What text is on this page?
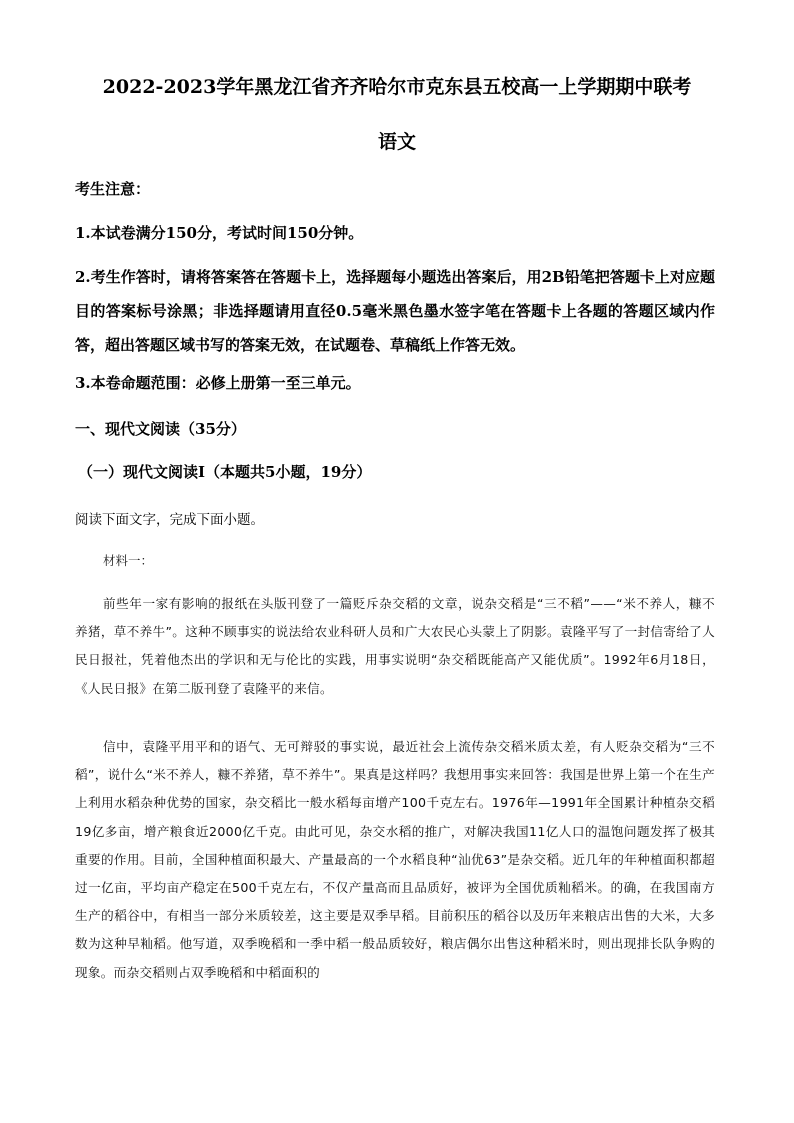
2022-2023学年黑龙江省齐齐哈尔市克东县五校高一上学期期中联考
语文
考生注意：
1.本试卷满分150分，考试时间150分钟。
2.考生作答时，请将答案答在答题卡上，选择题每小题选出答案后，用2B铅笔把答题卡上对应题目的答案标号涂黑；非选择题请用直径0.5毫米黑色墨水签字笔在答题卡上各题的答题区域内作答，超出答题区域书写的答案无效，在试题卷、草稿纸上作答无效。
3.本卷命题范围：必修上册第一至三单元。
一、现代文阅读（35分）
（一）现代文阅读Ⅰ（本题共5小题，19分）
阅读下面文字，完成下面小题。
材料一：
前些年一家有影响的报纸在头版刊登了一篇贬斥杂交稻的文章，说杂交稻是“三不稻”——“米不养人，糠不养猪，草不养牛”。这种不顾事实的说法给农业科研人员和广大农民心头蒙上了阴影。袁隆平写了一封信寄给了人民日报社，凭着他杰出的学识和无与伦比的实践，用事实说明“杂交稻既能高产又能优质”。1992年6月18日，《人民日报》在第二版刊登了袁隆平的来信。
信中，袁隆平用平和的语气、无可辩驳的事实说，最近社会上流传杂交稻米质太差，有人贬杂交稻为“三不稻”，说什么“米不养人，糠不养猪，草不养牛”。果真是这样吗？我想用事实来回答：我国是世界上第一个在生产上利用水稻杂种优势的国家，杂交稻比一般水稻每亩增产100千克左右。1976年—1991年全国累计种植杂交稻19亿多亩，增产粮食近2000亿千克。由此可见，杂交水稻的推广，对解决我国11亿人口的温饱问题发挥了极其重要的作用。目前，全国种植面积最大、产量最高的一个水稻良种“汕优63”是杂交稻。近几年的年种植面积都超过一亿亩，平均亩产稳定在500千克左右，不仅产量高而且品质好，被评为全国优质籼稻米。的确，在我国南方生产的稻谷中，有相当一部分米质较差，这主要是双季早稻。目前积压的稻谷以及历年来粮店出售的大米，大多数为这种早籼稻。他写道，双季晚稻和一季中稻一般品质较好，粮店偶尔出售这种稻米时，则出现排长队争购的现象。而杂交稻则占双季晚稻和中稻面积的
